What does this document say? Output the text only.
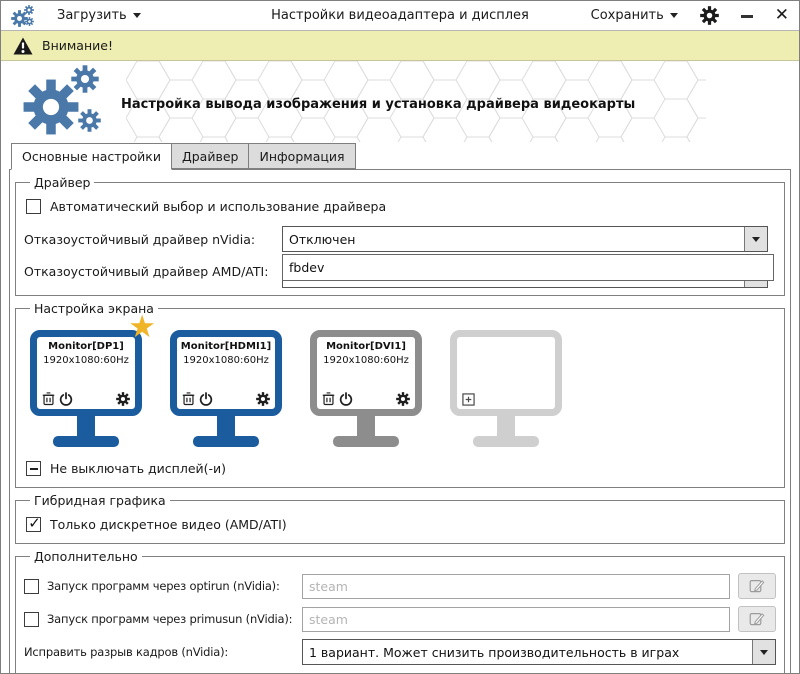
Загрузить	Настройки видеоадаптера и дисплея	Сохранить	✕
Внимание!
Настройка вывода изображения и установка драйвера видеокарты
Основные настройки	Драйвер	Информация
Драйвер
Автоматический выбор и использование драйвера
Отказоустойчивый драйвер nVidia:	Отключен
Отказоустойчивый драйвер AMD/ATI:	fbdev
Настройка экрана
★
Monitor[DP1]
1920x1080:60Hz
Monitor[HDMI1]
1920x1080:60Hz
Monitor[DVI1]
1920x1080:60Hz
Не выключать дисплей(-и)
Гибридная графика
✓
Только дискретное видео (AMD/ATI)
Дополнительно
Запуск программ через optirun (nVidia):
steam
Запуск программ через primusun (nVidia):
steam
Исправить разрыв кадров (nVidia):	1 вариант. Может снизить производительность в играх
